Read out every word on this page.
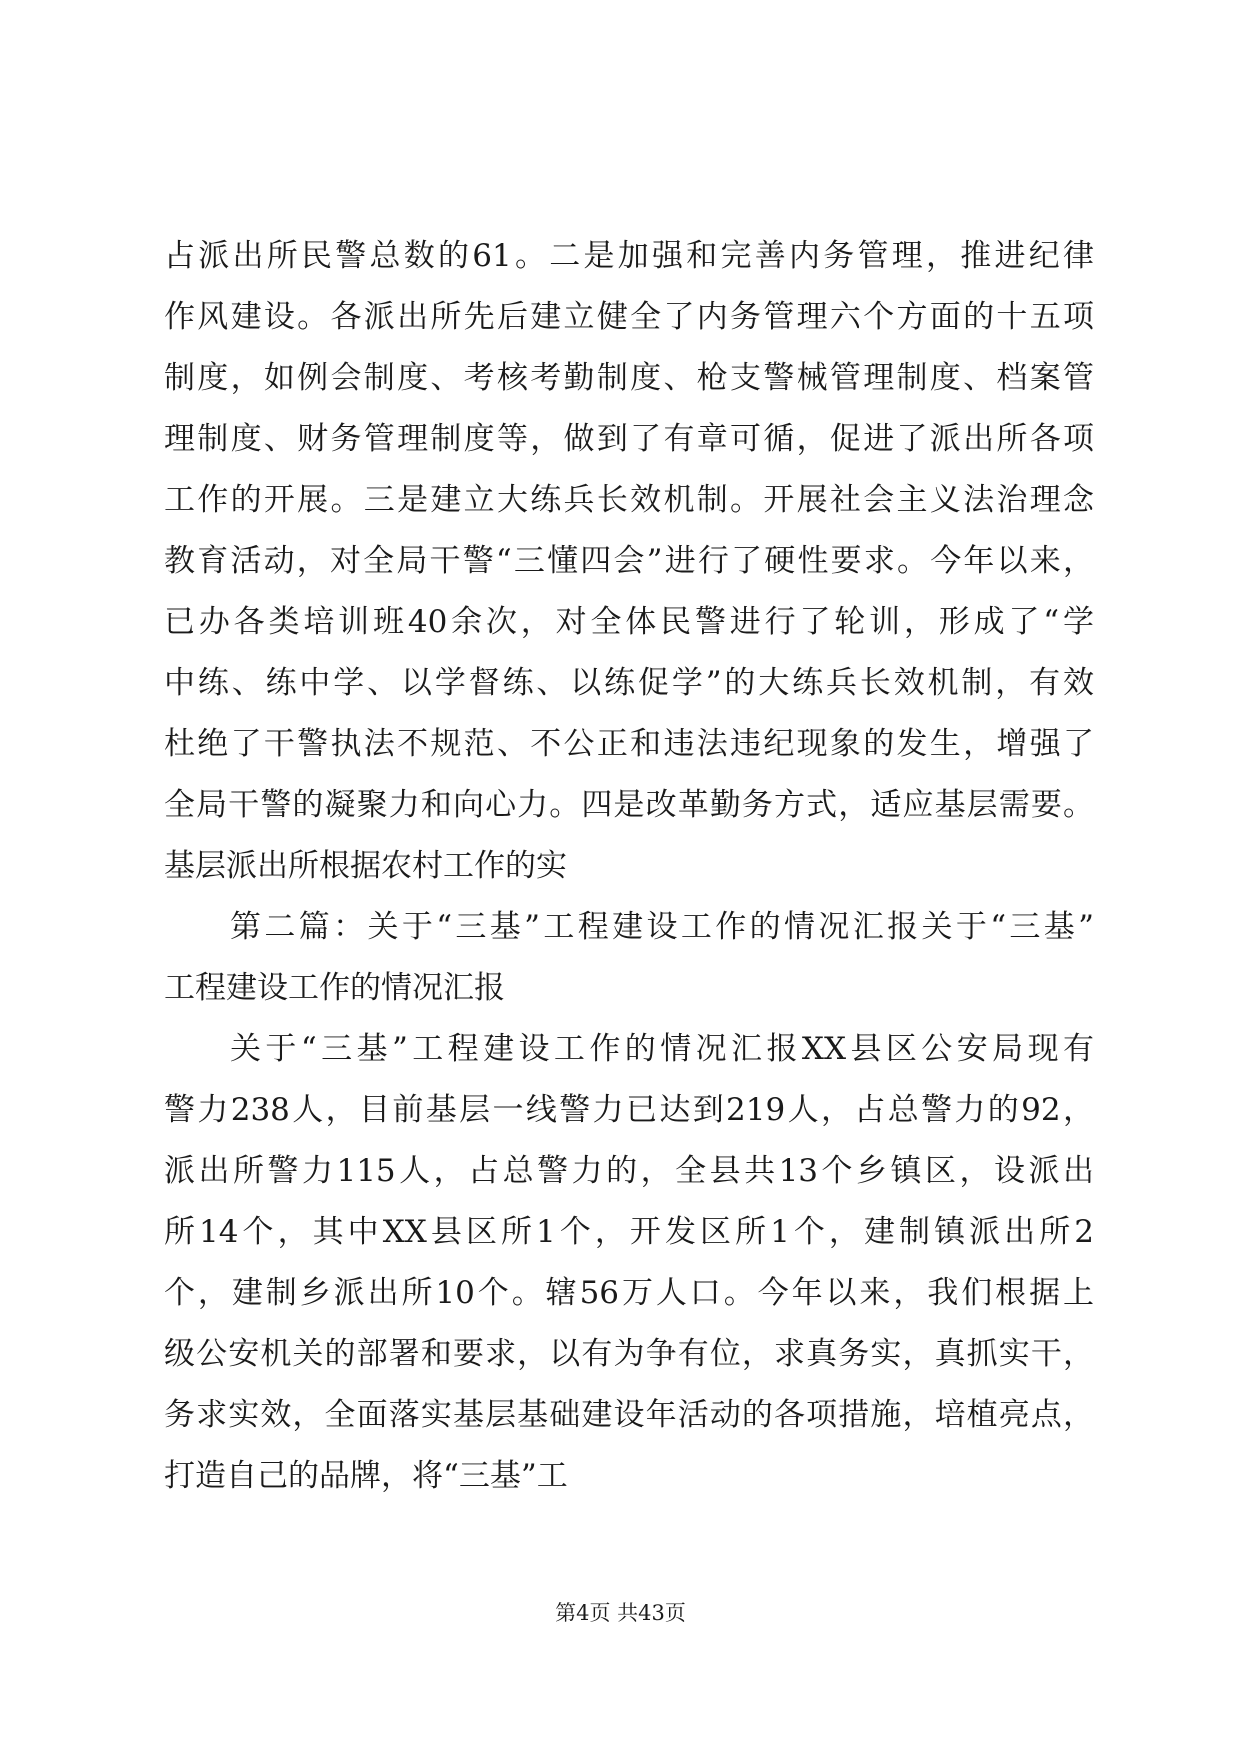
占派出所民警总数的61。二是加强和完善内务管理，推进纪律
作风建设。各派出所先后建立健全了内务管理六个方面的十五项
制度，如例会制度、考核考勤制度、枪支警械管理制度、档案管
理制度、财务管理制度等，做到了有章可循，促进了派出所各项
工作的开展。三是建立大练兵长效机制。开展社会主义法治理念
教育活动，对全局干警“三懂四会”进行了硬性要求。今年以来，
已办各类培训班40余次，对全体民警进行了轮训，形成了“学
中练、练中学、以学督练、以练促学”的大练兵长效机制，有效
杜绝了干警执法不规范、不公正和违法违纪现象的发生，增强了
全局干警的凝聚力和向心力。四是改革勤务方式，适应基层需要。
基层派出所根据农村工作的实
第二篇：关于“三基”工程建设工作的情况汇报关于“三基”
工程建设工作的情况汇报
关于“三基”工程建设工作的情况汇报XX县区公安局现有
警力238人，目前基层一线警力已达到219人，占总警力的92，
派出所警力115人，占总警力的，全县共13个乡镇区，设派出
所14个，其中XX县区所1个，开发区所1个，建制镇派出所2
个，建制乡派出所10个。辖56万人口。今年以来，我们根据上
级公安机关的部署和要求，以有为争有位，求真务实，真抓实干，
务求实效，全面落实基层基础建设年活动的各项措施，培植亮点，
打造自己的品牌，将“三基”工
第4页 共43页
